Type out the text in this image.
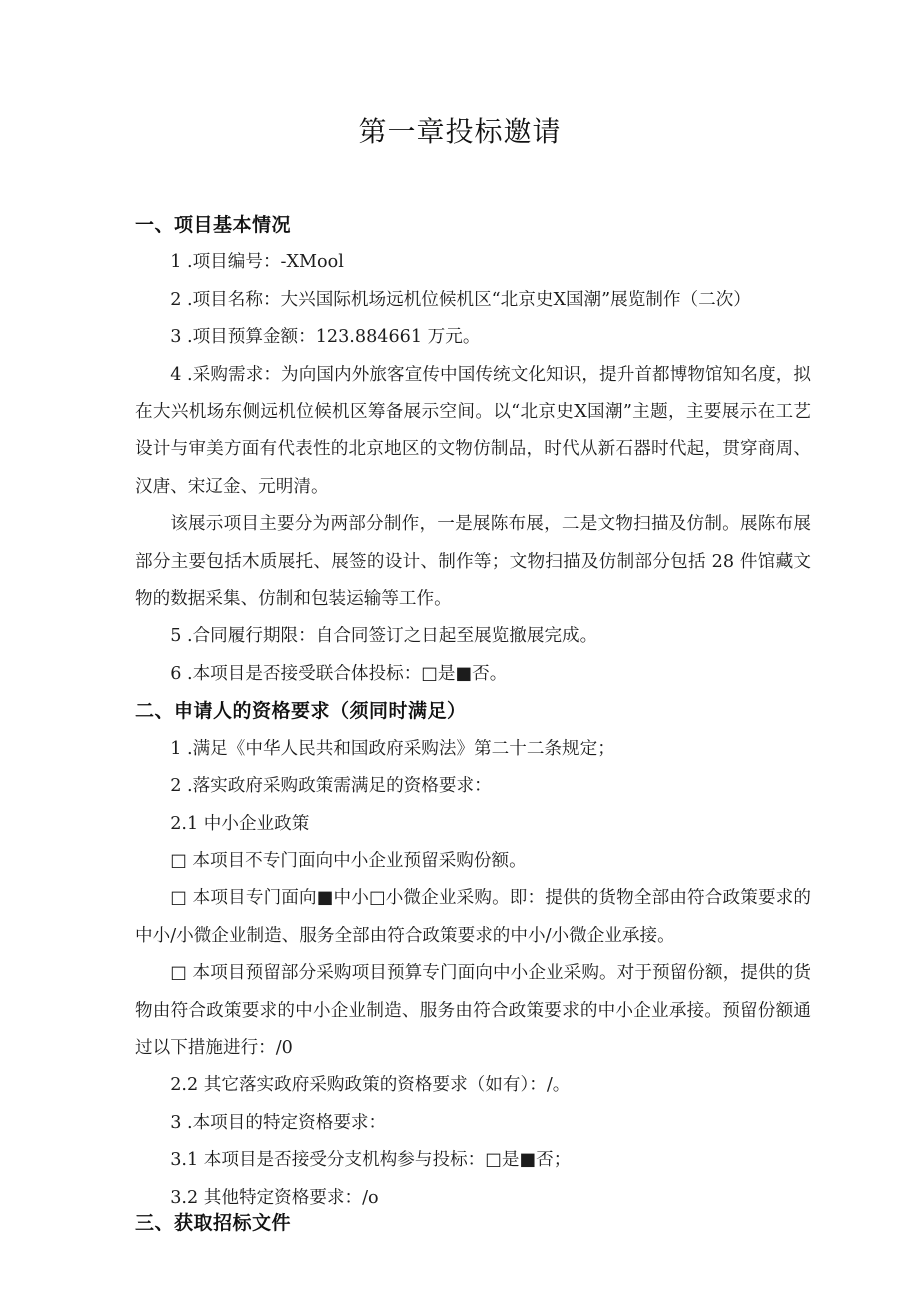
第一章投标邀请

一、项目基本情况

1 .项目编号：-XMool

2 .项目名称：大兴国际机场远机位候机区“北京史X国潮”展览制作（二次）

3 .项目预算金额：123.884661 万元。

4 .采购需求：为向国内外旅客宣传中国传统文化知识，提升首都博物馆知名度，拟在大兴机场东侧远机位候机区筹备展示空间。以“北京史X国潮”主题，主要展示在工艺设计与审美方面有代表性的北京地区的文物仿制品，时代从新石器时代起，贯穿商周、汉唐、宋辽金、元明清。

该展示项目主要分为两部分制作，一是展陈布展，二是文物扫描及仿制。展陈布展部分主要包括木质展托、展签的设计、制作等；文物扫描及仿制部分包括 28 件馆藏文物的数据采集、仿制和包装运输等工作。

5 .合同履行期限：自合同签订之日起至展览撤展完成。

6 .本项目是否接受联合体投标：□是■否。

二、申请人的资格要求（须同时满足）

1 .满足《中华人民共和国政府采购法》第二十二条规定；

2 .落实政府采购政策需满足的资格要求：

2.1 中小企业政策

□ 本项目不专门面向中小企业预留采购份额。

□ 本项目专门面向■中小□小微企业采购。即：提供的货物全部由符合政策要求的中小/小微企业制造、服务全部由符合政策要求的中小/小微企业承接。

□ 本项目预留部分采购项目预算专门面向中小企业采购。对于预留份额，提供的货物由符合政策要求的中小企业制造、服务由符合政策要求的中小企业承接。预留份额通过以下措施进行：/0

2.2 其它落实政府采购政策的资格要求（如有）：/。

3 .本项目的特定资格要求：

3.1 本项目是否接受分支机构参与投标：□是■否；

3.2 其他特定资格要求：/o

三、获取招标文件
